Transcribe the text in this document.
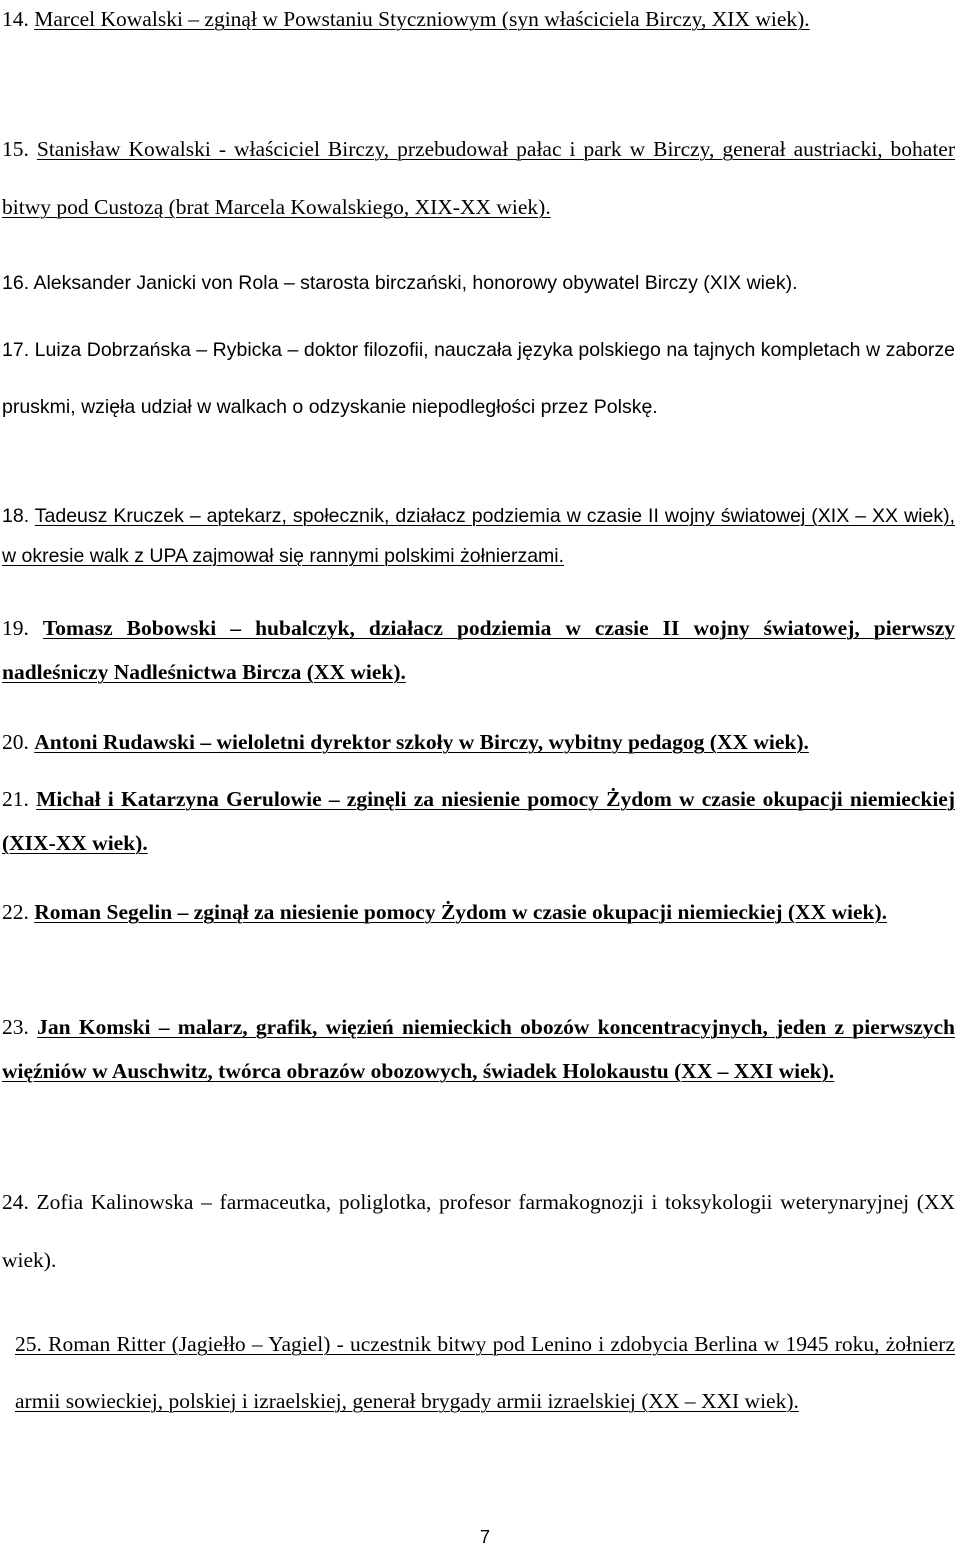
14. Marcel Kowalski – zginął w Powstaniu Styczniowym (syn właściciela Birczy, XIX wiek).

15. Stanisław Kowalski - właściciel Birczy, przebudował pałac i park w Birczy, generał austriacki, bohater bitwy pod Custozą (brat Marcela Kowalskiego, XIX-XX wiek).

16. Aleksander Janicki von Rola – starosta birczański, honorowy obywatel Birczy (XIX wiek).

17. Luiza Dobrzańska – Rybicka – doktor filozofii, nauczała języka polskiego na tajnych kompletach w zaborze pruskmi, wzięła udział w walkach o odzyskanie niepodległości przez Polskę.

18. Tadeusz Kruczek – aptekarz, społecznik, działacz podziemia w czasie II wojny światowej (XIX – XX wiek), w okresie walk z UPA zajmował się rannymi polskimi żołnierzami.

19. Tomasz Bobowski – hubalczyk, działacz podziemia w czasie II wojny światowej, pierwszy nadleśniczy Nadleśnictwa Bircza (XX wiek).

20. Antoni Rudawski – wieloletni dyrektor szkoły w Birczy, wybitny pedagog (XX wiek).

21. Michał i Katarzyna Gerulowie – zginęli za niesienie pomocy Żydom w czasie okupacji niemieckiej (XIX-XX wiek).

22. Roman Segelin – zginął za niesienie pomocy Żydom w czasie okupacji niemieckiej (XX wiek).

23. Jan Komski – malarz, grafik, więzień niemieckich obozów koncentracyjnych, jeden z pierwszych więźniów w Auschwitz, twórca obrazów obozowych, świadek Holokaustu (XX – XXI wiek).

24. Zofia Kalinowska – farmaceutka, poliglotka, profesor farmakognozji i toksykologii weterynaryjnej (XX wiek).

25. Roman Ritter (Jagiełło – Yagiel) - uczestnik bitwy pod Lenino i zdobycia Berlina w 1945 roku, żołnierz armii sowieckiej, polskiej i izraelskiej, generał brygady armii izraelskiej (XX – XXI wiek).

7
